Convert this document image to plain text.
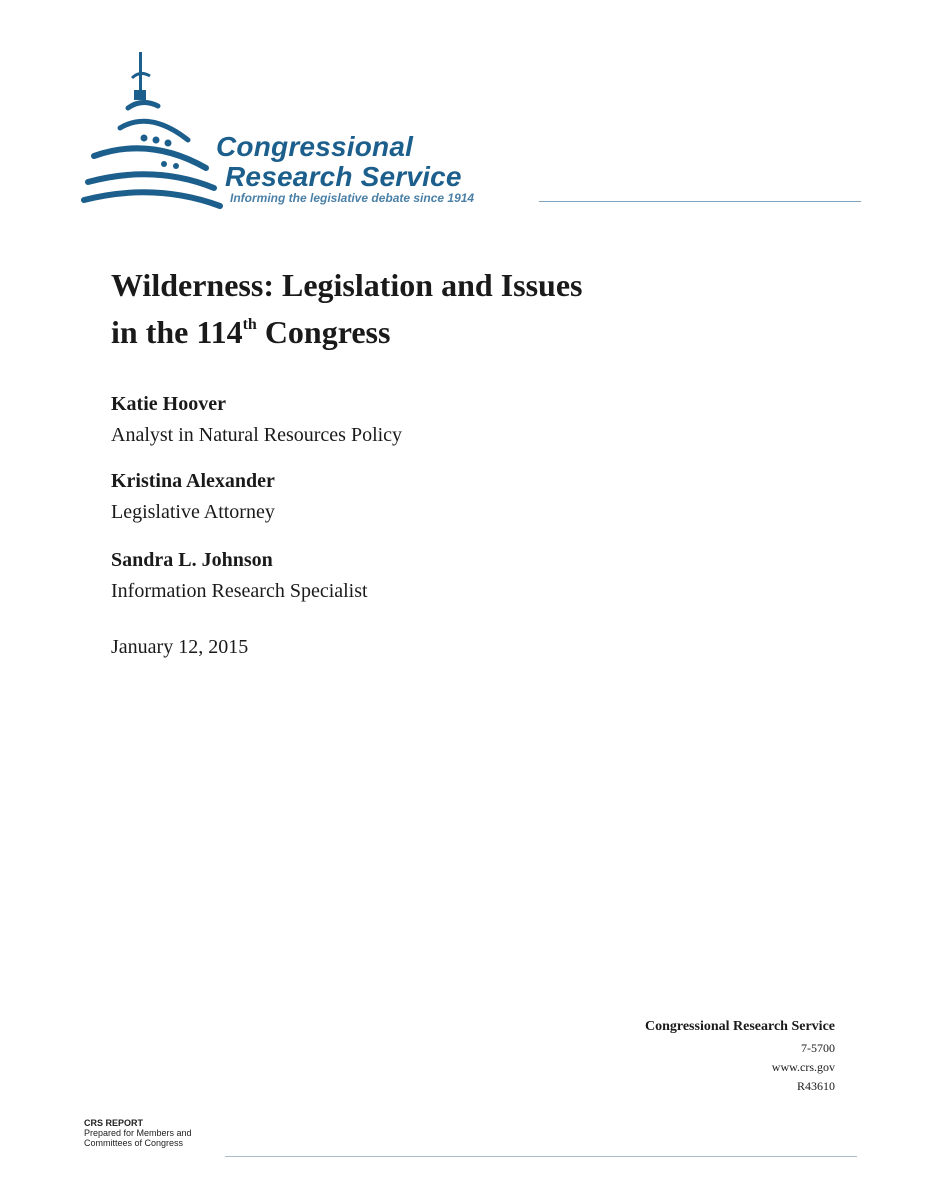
Congressional
Research Service
Informing the legislative debate since 1914
Wilderness: Legislation and Issues
in the 114th Congress
Katie Hoover
Analyst in Natural Resources Policy
Kristina Alexander
Legislative Attorney
Sandra L. Johnson
Information Research Specialist
January 12, 2015
Congressional Research Service
7-5700
www.crs.gov
R43610
CRS REPORT
Prepared for Members and
Committees of Congress
